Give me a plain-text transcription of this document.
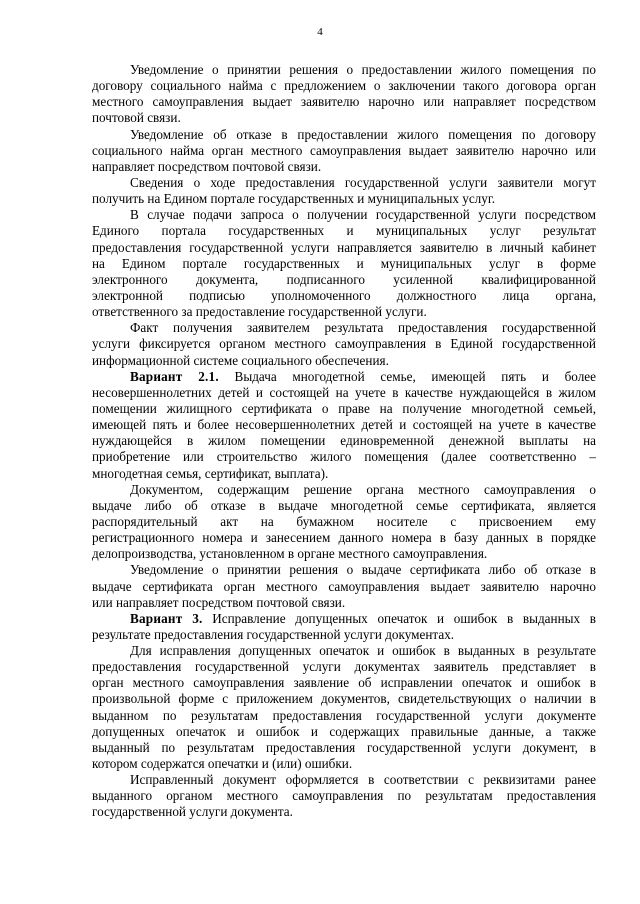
4
Уведомление о принятии решения о предоставлении жилого помещения по
договору социального найма с предложением о заключении такого договора орган
местного самоуправления выдает заявителю нарочно или направляет посредством
почтовой связи.
Уведомление об отказе в предоставлении жилого помещения по договору
социального найма орган местного самоуправления выдает заявителю нарочно или
направляет посредством почтовой связи.
Сведения о ходе предоставления государственной услуги заявители могут
получить на Едином портале государственных и муниципальных услуг.
В случае подачи запроса о получении государственной услуги посредством
Единого портала государственных и муниципальных услуг результат
предоставления государственной услуги направляется заявителю в личный кабинет
на Едином портале государственных и муниципальных услуг в форме
электронного документа, подписанного усиленной квалифицированной
электронной подписью уполномоченного должностного лица органа,
ответственного за предоставление государственной услуги.
Факт получения заявителем результата предоставления государственной
услуги фиксируется органом местного самоуправления в Единой государственной
информационной системе социального обеспечения.
Вариант 2.1. Выдача многодетной семье, имеющей пять и более
несовершеннолетних детей и состоящей на учете в качестве нуждающейся в жилом
помещении жилищного сертификата о праве на получение многодетной семьей,
имеющей пять и более несовершеннолетних детей и состоящей на учете в качестве
нуждающейся в жилом помещении единовременной денежной выплаты на
приобретение или строительство жилого помещения (далее соответственно –
многодетная семья, сертификат, выплата).
Документом, содержащим решение органа местного самоуправления о
выдаче либо об отказе в выдаче многодетной семье сертификата, является
распорядительный акт на бумажном носителе с присвоением ему
регистрационного номера и занесением данного номера в базу данных в порядке
делопроизводства, установленном в органе местного самоуправления.
Уведомление о принятии решения о выдаче сертификата либо об отказе в
выдаче сертификата орган местного самоуправления выдает заявителю нарочно
или направляет посредством почтовой связи.
Вариант 3. Исправление допущенных опечаток и ошибок в выданных в
результате предоставления государственной услуги документах.
Для исправления допущенных опечаток и ошибок в выданных в результате
предоставления государственной услуги документах заявитель представляет в
орган местного самоуправления заявление об исправлении опечаток и ошибок в
произвольной форме с приложением документов, свидетельствующих о наличии в
выданном по результатам предоставления государственной услуги документе
допущенных опечаток и ошибок и содержащих правильные данные, а также
выданный по результатам предоставления государственной услуги документ, в
котором содержатся опечатки и (или) ошибки.
Исправленный документ оформляется в соответствии с реквизитами ранее
выданного органом местного самоуправления по результатам предоставления
государственной услуги документа.
